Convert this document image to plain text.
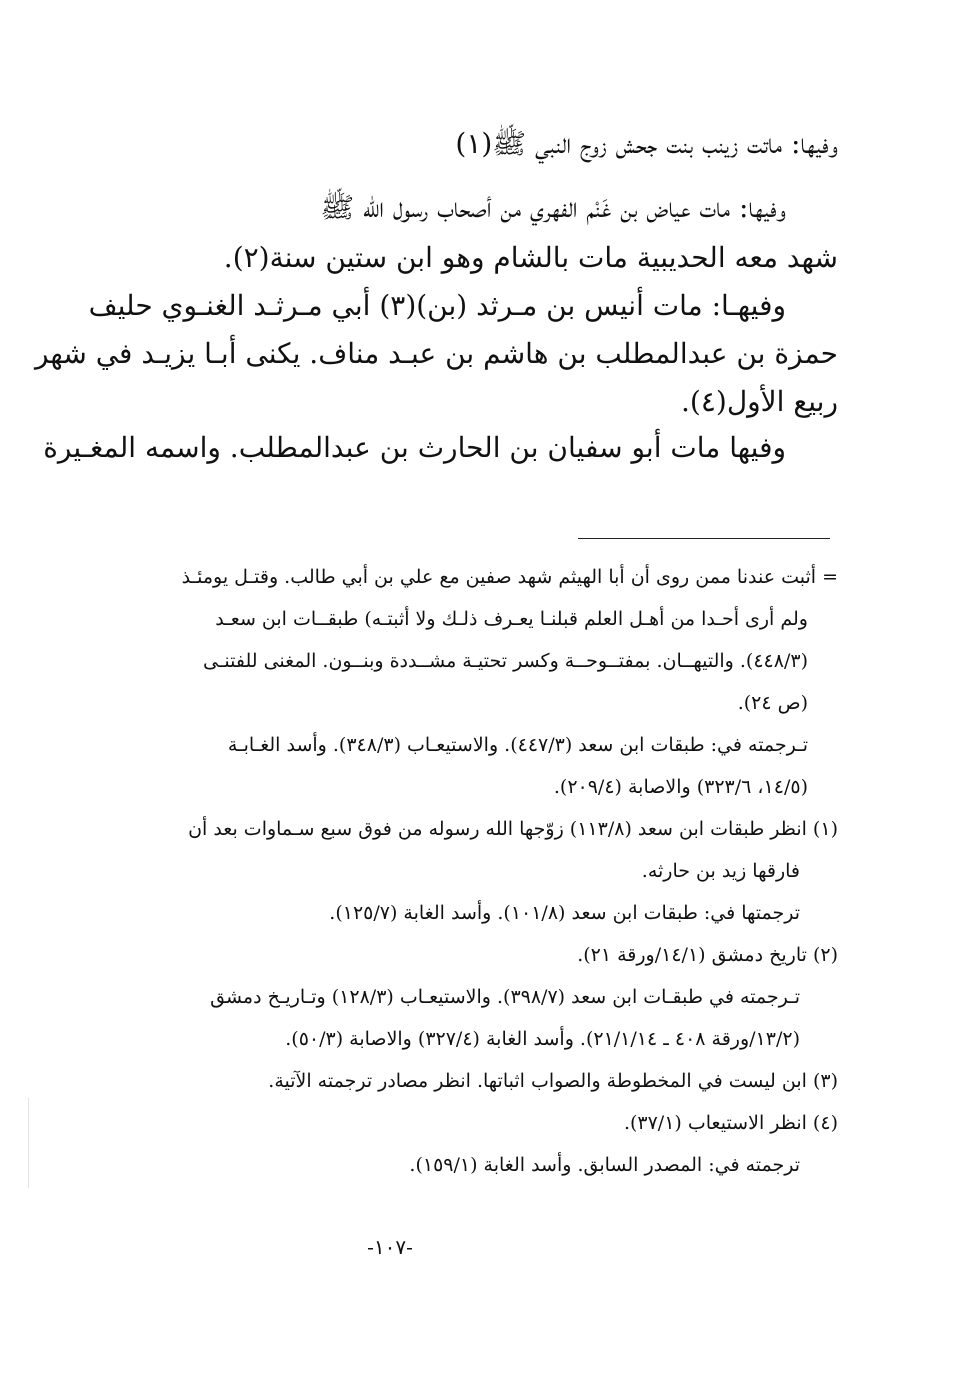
وفيها: ماتت زينب بنت جحش زوج النبي ﷺ(١)
وفيها: مات عياض بن غَنْم الفهري من أصحاب رسول الله ﷺ
شهد معه الحديبية مات بالشام وهو ابن ستين سنة(٢).
وفيهـا: مات أنيس بن مـرثد (بن)(٣) أبي مـرثـد الغنـوي حليف
حمزة بن عبدالمطلب بن هاشم بن عبـد مناف. يكنى أبـا يزيـد في شهر
ربيع الأول(٤).
وفيها مات أبو سفيان بن الحارث بن عبدالمطلب. واسمه المغـيرة
= أثبت عندنا ممن روى أن أبا الهيثم شهد صفين مع علي بن أبي طالب. وقتـل يومئـذ
ولم أرى أحـدا من أهـل العلم قبلنـا يعـرف ذلـك ولا أثبتـه) طبقــات ابن سعـد
(٤٤٨/٣). والتيهــان. بمفتــوحــة وكسر تحتيـة مشــددة وبنــون. المغنى للفتنـى
(ص ٢٤).
تـرجمته في: طبقات ابن سعد (٤٤٧/٣). والاستيعـاب (٣٤٨/٣). وأسد الغـابـة
(١٤/٥، ٣٢٣/٦) والاصابة (٢٠٩/٤).
(١) انظر طبقات ابن سعد (١١٣/٨) زوّجها الله رسوله من فوق سبع سـماوات بعد أن
فارقها زيد بن حارثه.
ترجمتها في: طبقات ابن سعد (١٠١/٨). وأسد الغابة (١٢٥/٧).
(٢) تاريخ دمشق (١٤/١/ورقة ٢١).
تـرجمته في طبقـات ابن سعد (٣٩٨/٧). والاستيعـاب (١٢٨/٣) وتـاريـخ دمشق
(١٣/٢/ورقة ٤٠٨ ـ ٢١/١/١٤). وأسد الغابة (٣٢٧/٤) والاصابة (٥٠/٣).
(٣) ابن ليست في المخطوطة والصواب اثباتها. انظر مصادر ترجمته الآتية.
(٤) انظر الاستيعاب (٣٧/١).
ترجمته في: المصدر السابق. وأسد الغابة (١٥٩/١).
-١٠٧-
